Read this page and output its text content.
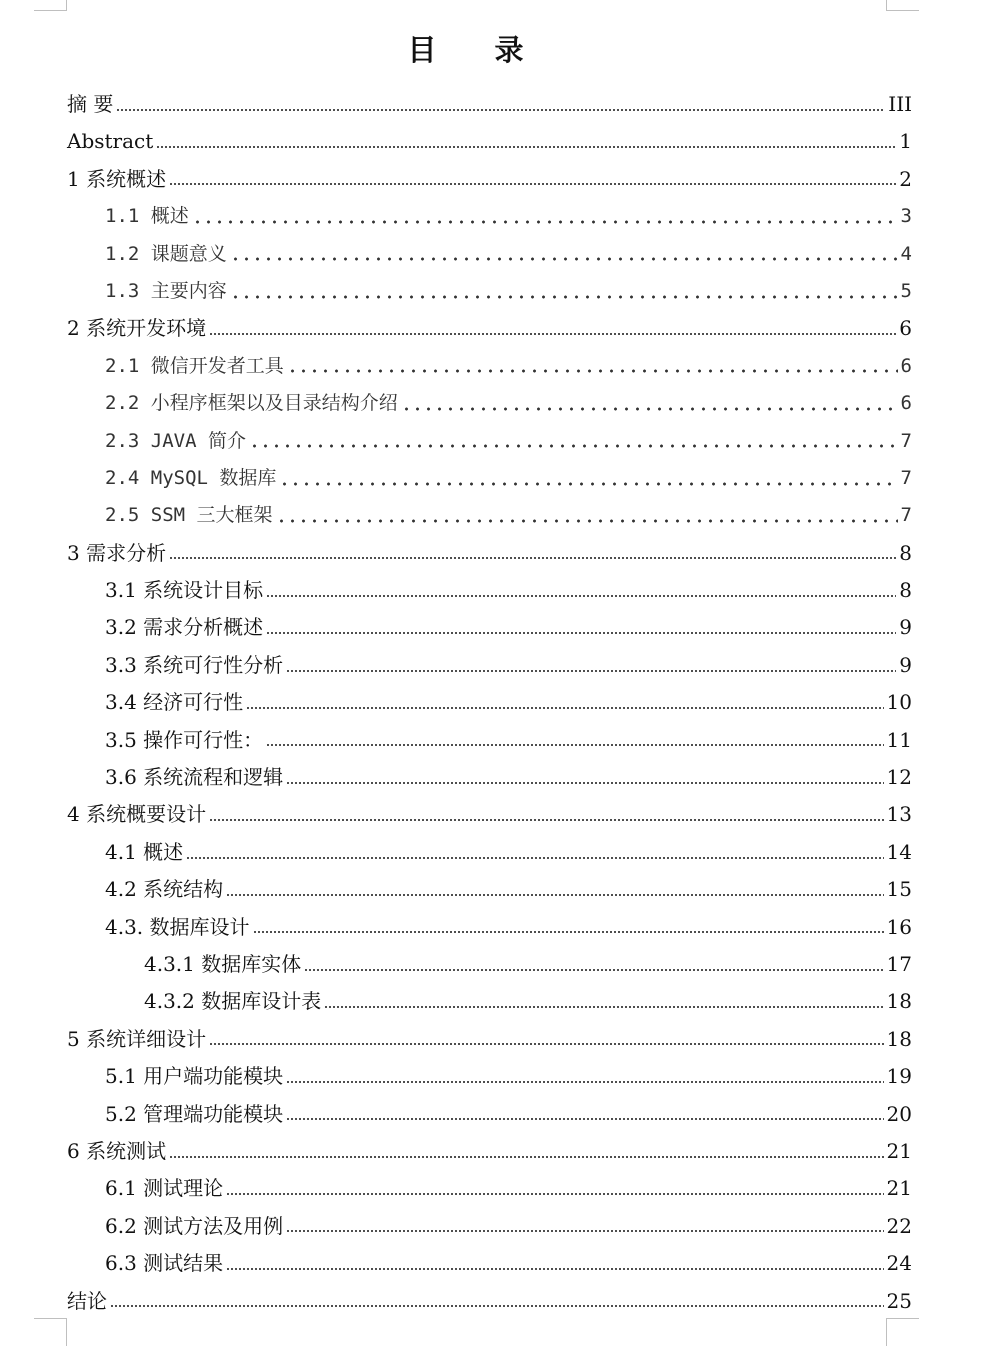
目 录
摘 要	III
Abstract	1
1 系统概述	2
1.1 概述	3
1.2 课题意义	4
1.3 主要内容	5
2 系统开发环境	6
2.1 微信开发者工具	6
2.2 小程序框架以及目录结构介绍	6
2.3 JAVA 简介	7
2.4 MySQL 数据库	7
2.5 SSM 三大框架	7
3 需求分析	8
3.1 系统设计目标	8
3.2 需求分析概述	9
3.3 系统可行性分析	9
3.4 经济可行性	10
3.5 操作可行性：	11
3.6 系统流程和逻辑	12
4 系统概要设计	13
4.1 概述	14
4.2 系统结构	15
4.3. 数据库设计	16
4.3.1 数据库实体	17
4.3.2 数据库设计表	18
5 系统详细设计	18
5.1 用户端功能模块	19
5.2 管理端功能模块	20
6 系统测试	21
6.1 测试理论	21
6.2 测试方法及用例	22
6.3 测试结果	24
结论	25
